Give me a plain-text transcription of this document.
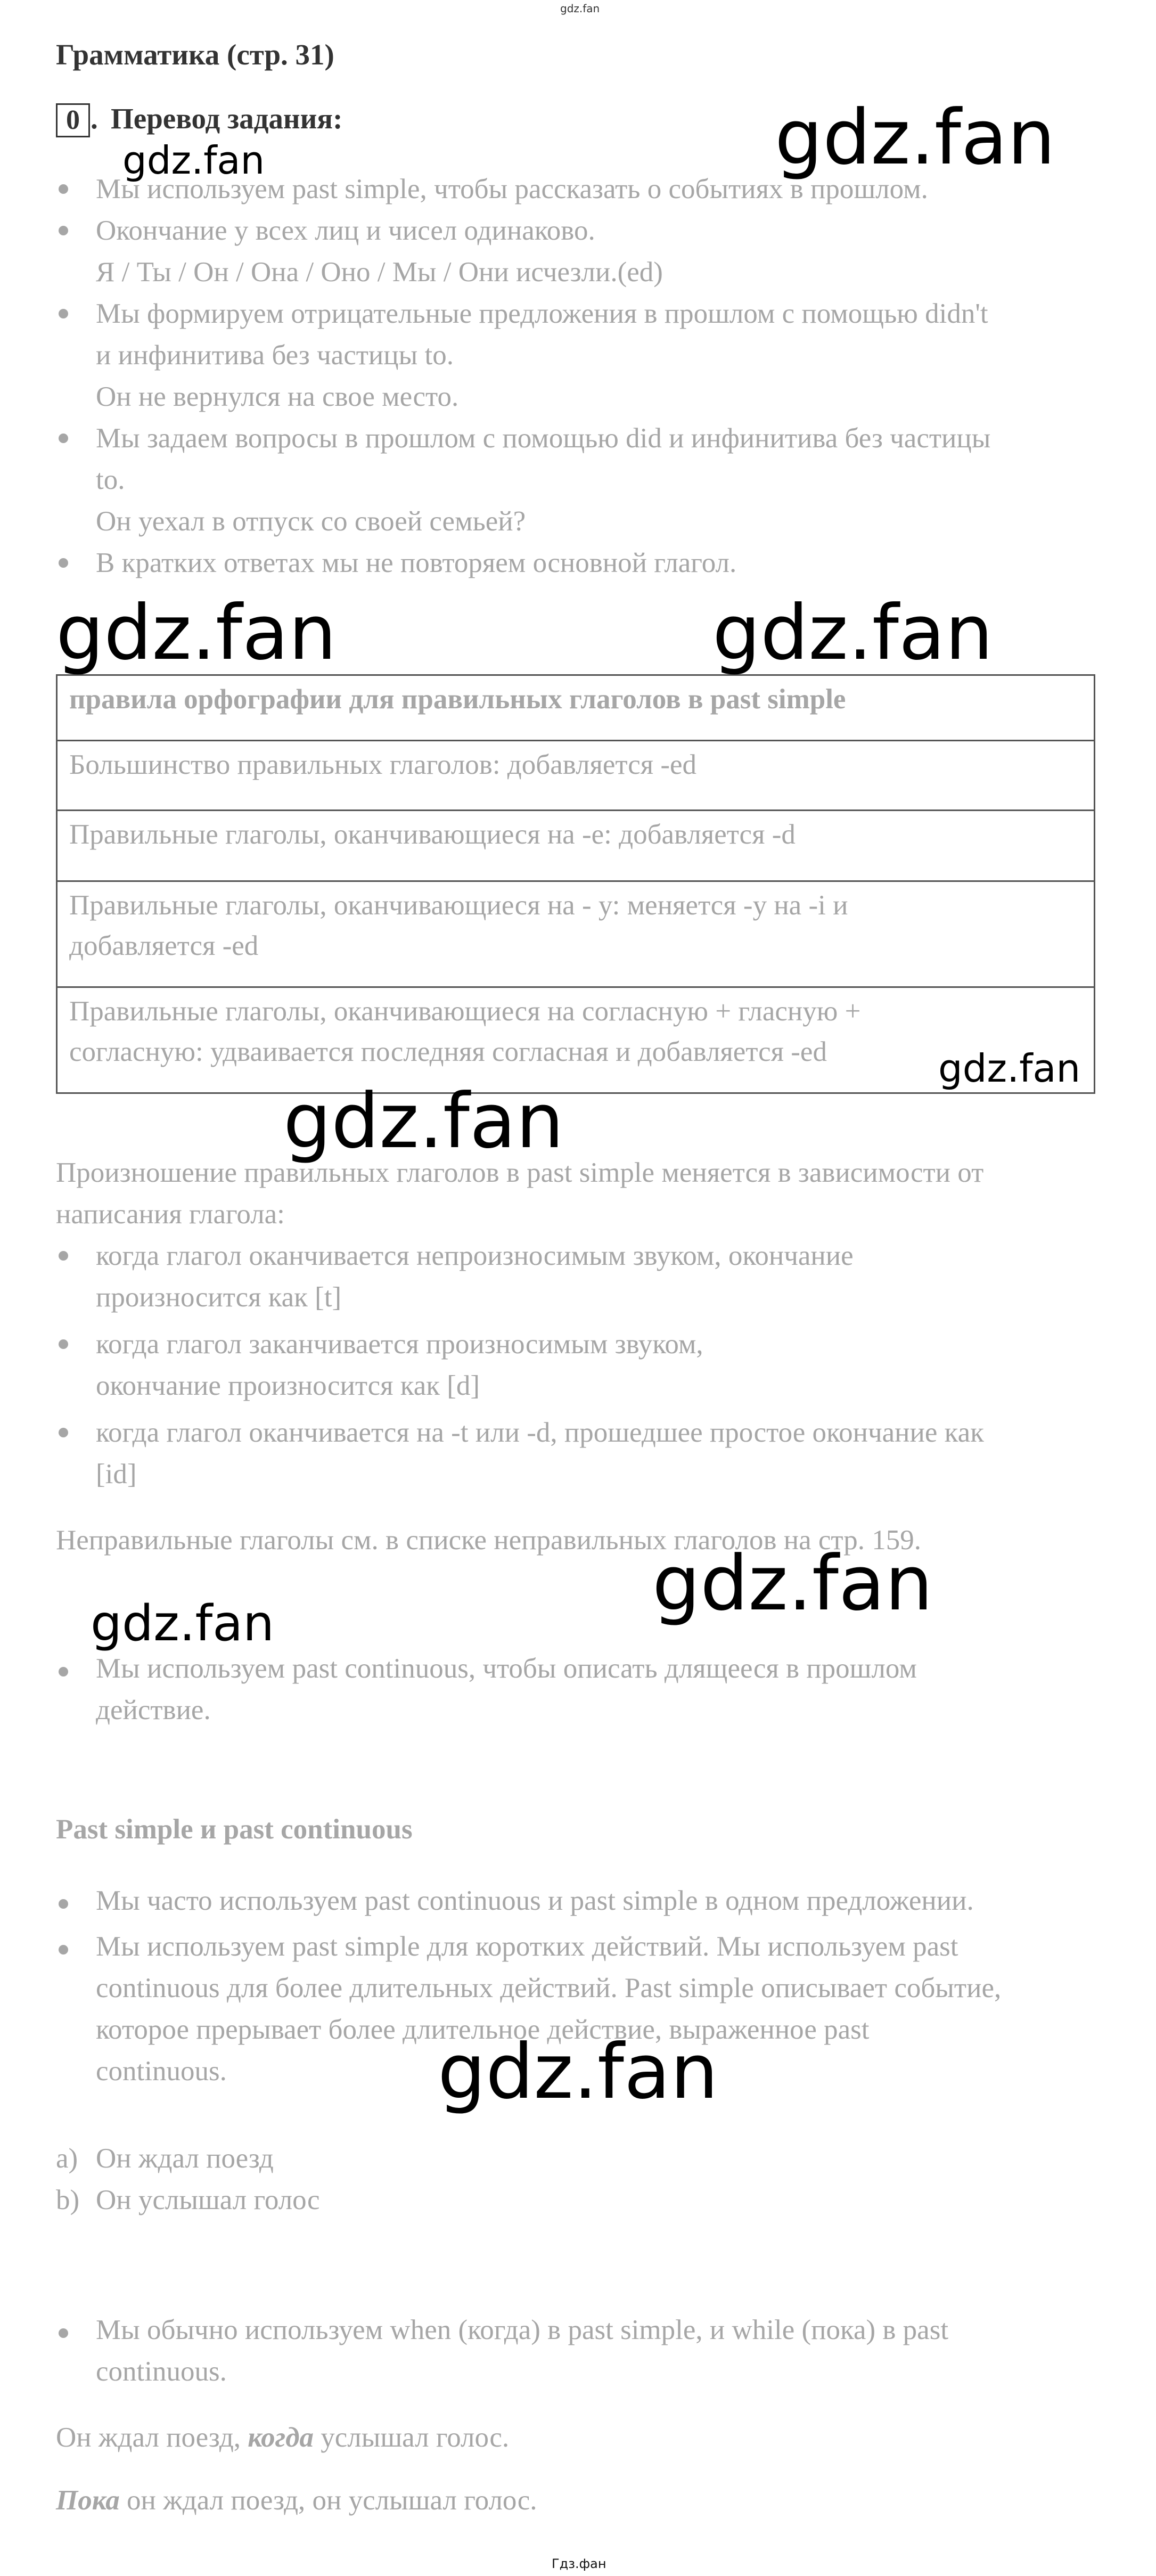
gdz.fan
Грамматика (стр. 31)
0 . Перевод задания:
Мы используем past simple, чтобы рассказать о событиях в прошлом.
Окончание у всех лиц и чисел одинаково.
Я / Ты / Он / Она / Оно / Мы / Они исчезли.(ed)
Мы формируем отрицательные предложения в прошлом с помощью didn't
и инфинитива без частицы to.
Он не вернулся на свое место.
Мы задаем вопросы в прошлом с помощью did и инфинитива без частицы
to.
Он уехал в отпуск со своей семьей?
В кратких ответах мы не повторяем основной глагол.
правила орфографии для правильных глаголов в past simple
Большинство правильных глаголов: добавляется -ed
Правильные глаголы, оканчивающиеся на -e: добавляется -d
Правильные глаголы, оканчивающиеся на - у: меняется -у на -i и
добавляется -ed
Правильные глаголы, оканчивающиеся на согласную + гласную +
согласную: удваивается последняя согласная и добавляется -ed
Произношение правильных глаголов в past simple меняется в зависимости от
написания глагола:
когда глагол оканчивается непроизносимым звуком, окончание
произносится как [t]
когда глагол заканчивается произносимым звуком,
окончание произносится как [d]
когда глагол оканчивается на -t или -d, прошедшее простое окончание как
[id]
Неправильные глаголы см. в списке неправильных глаголов на стр. 159.
Мы используем past continuous, чтобы описать длящееся в прошлом
действие.
Past simple и past continuous
Мы часто используем past continuous и past simple в одном предложении.
Мы используем past simple для коротких действий. Мы используем past
continuous для более длительных действий. Past simple описывает событие,
которое прерывает более длительное действие, выраженное past
continuous.
a) Он ждал поезд
b) Он услышал голос
Мы обычно используем when (когда) в past simple, и while (пока) в past
continuous.
Он ждал поезд, когда услышал голос.
Пока он ждал поезд, он услышал голос.
gdz.fan
gdz.fan
gdz.fan	gdz.fan
gdz.fan
gdz.fan
gdz.fan
gdz.fan
gdz.fan
Гдз.фан
